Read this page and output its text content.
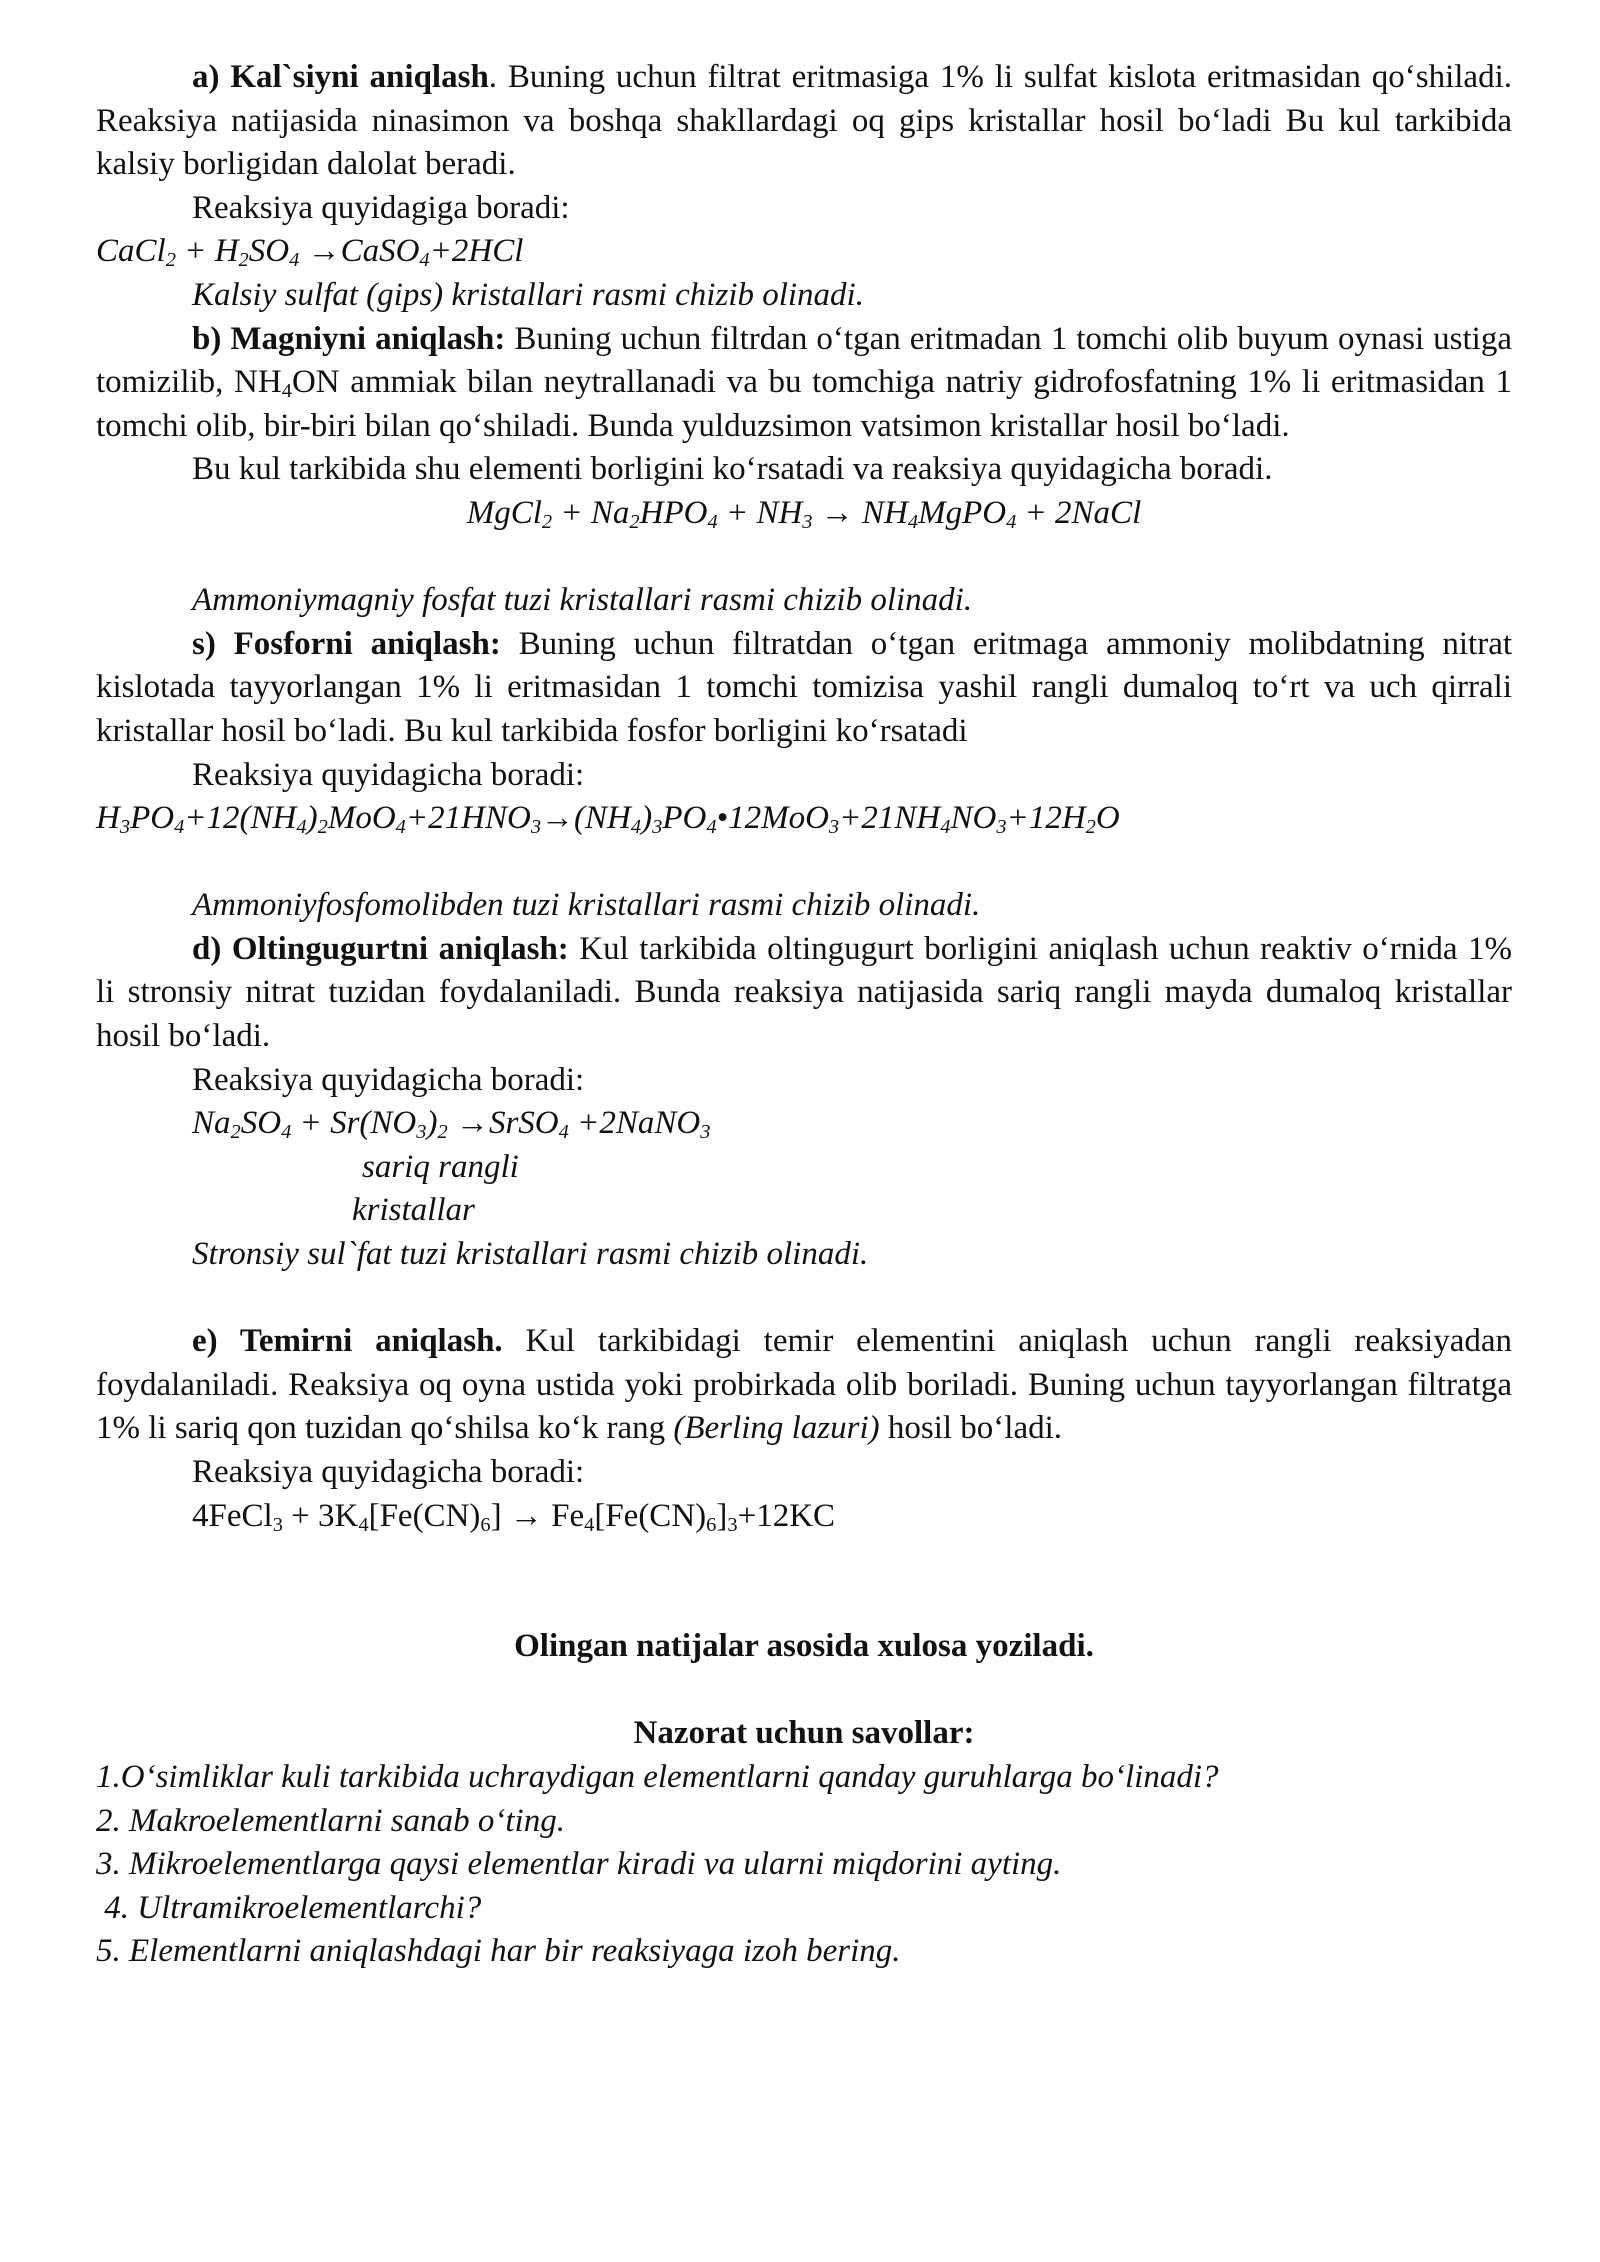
a) Kal`siyni aniqlash. Buning uchun filtrat eritmasiga 1% li sulfat kislota eritmasidan qo‘shiladi. Reaksiya natijasida ninasimon va boshqa shakllardagi oq gips kristallar hosil bo‘ladi Bu kul tarkibida kalsiy borligidan dalolat beradi.

Reaksiya quyidagiga boradi:

CaCl$_2$ + $H_2SO_4$ →CaSO$_4$+2HCl

Kalsiy sulfat (gips) kristallari rasmi chizib olinadi.

b) Magniyni aniqlash: Buning uchun filtrdan o‘tgan eritmadan 1 tomchi olib buyum oynasi ustiga tomizilib, $NH_4ON$ ammiak bilan neytrallanadi va bu tomchiga natriy gidrofosfatning 1% li eritmasidan 1 tomchi olib, bir-biri bilan qo‘shiladi. Bunda yulduzsimon vatsimon kristallar hosil bo‘ladi.

Bu kul tarkibida shu elementi borligini ko‘rsatadi va reaksiya quyidagicha boradi.

MgCl$_2$ + $Na_2HPO_4 + NH_3$ → $NH_4MgPO_4$ + 2NaCl

Ammoniymagniy fosfat tuzi kristallari rasmi chizib olinadi.

s) Fosforni aniqlash: Buning uchun filtratdan o‘tgan eritmaga ammoniy molibdatning nitrat kislotada tayyorlangan 1% li eritmasidan 1 tomchi tomizisa yashil rangli dumaloq to‘rt va uch qirrali kristallar hosil bo‘ladi. Bu kul tarkibida fosfor borligini ko‘rsatadi

Reaksiya quyidagicha boradi:

$H_3PO_4+12(NH_4)_2MoO_4+21HNO_3\to(NH_4)_3PO_4•12MoO_3+21NH_4NO_3+12H_2O$

Ammoniyfosfomolibden tuzi kristallari rasmi chizib olinadi.

d) Oltingugurtni aniqlash: Kul tarkibida oltingugurt borligini aniqlash uchun reaktiv o‘rnida 1% li stronsiy nitrat tuzidan foydalaniladi. Bunda reaksiya natijasida sariq rangli mayda dumaloq kristallar hosil bo‘ladi.

Reaksiya quyidagicha boradi:

$Na_2SO_4 + Sr(NO_3)_2$ →SrSO$_4$ +2NaNO$_3$

sariq rangli

kristallar

Stronsiy sul`fat tuzi kristallari rasmi chizib olinadi.

e) Temirni aniqlash. Kul tarkibidagi temir elementini aniqlash uchun rangli reaksiyadan foydalaniladi. Reaksiya oq oyna ustida yoki probirkada olib boriladi. Buning uchun tayyorlangan filtratga 1% li sariq qon tuzidan qo‘shilsa ko‘k rang (Berling lazuri) hosil bo‘ladi.

Reaksiya quyidagicha boradi:

4FeCl$_3$ + $3K_4[Fe(CN)_6] \to Fe_4[Fe(CN)_6]_3+12KC$

Olingan natijalar asosida xulosa yoziladi.

Nazorat uchun savollar:

1.O‘simliklar kuli tarkibida uchraydigan elementlarni qanday guruhlarga bo‘linadi?

2. Makroelementlarni sanab o‘ting.

3. Mikroelementlarga qaysi elementlar kiradi va ularni miqdorini ayting.

4. Ultramikroelementlarchi?

5. Elementlarni aniqlashdagi har bir reaksiyaga izoh bering.
